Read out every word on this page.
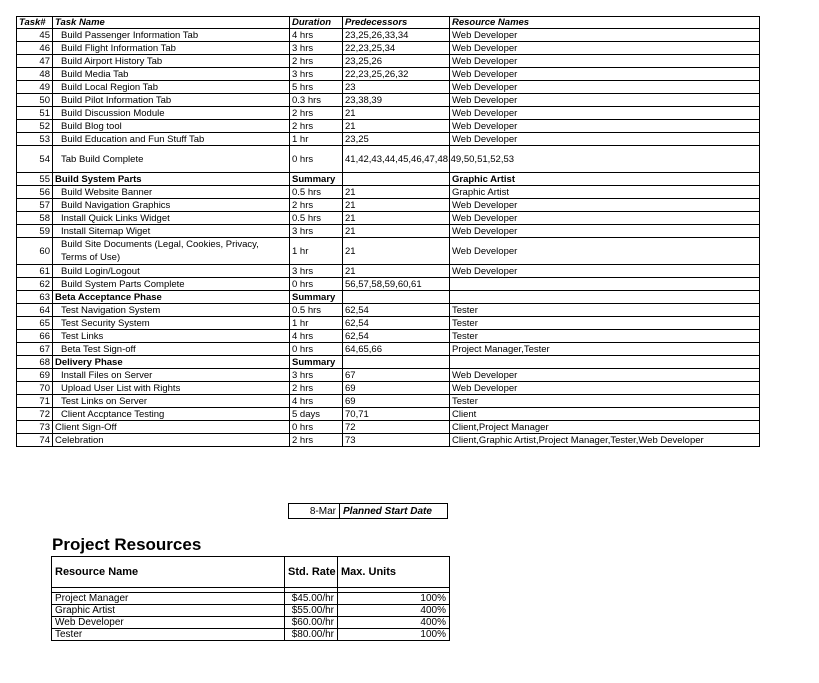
Task#	Task Name	Duration	Predecessors	Resource Names
45	Build Passenger Information Tab	4 hrs	23,25,26,33,34	Web Developer
46	Build Flight Information Tab	3 hrs	22,23,25,34	Web Developer
47	Build Airport History Tab	2 hrs	23,25,26	Web Developer
48	Build Media Tab	3 hrs	22,23,25,26,32	Web Developer
49	Build Local Region Tab	5 hrs	23	Web Developer
50	Build Pilot Information Tab	0.3 hrs	23,38,39	Web Developer
51	Build Discussion Module	2 hrs	21	Web Developer
52	Build Blog tool	2 hrs	21	Web Developer
53	Build Education and Fun Stuff Tab	1 hr	23,25	Web Developer
54	Tab Build Complete	0 hrs	41,42,43,44,45,46,47,48,49,50,51,52,53	
55	Build System Parts	Summary		Graphic Artist
56	Build Website Banner	0.5 hrs	21	Graphic Artist
57	Build Navigation Graphics	2 hrs	21	Web Developer
58	Install Quick Links Widget	0.5 hrs	21	Web Developer
59	Install Sitemap Wiget	3 hrs	21	Web Developer
60	Build Site Documents (Legal, Cookies, Privacy, Terms of Use)	1 hr	21	Web Developer
61	Build Login/Logout	3 hrs	21	Web Developer
62	Build System Parts Complete	0 hrs	56,57,58,59,60,61	
63	Beta Acceptance Phase	Summary		
64	Test Navigation System	0.5 hrs	62,54	Tester
65	Test Security System	1 hr	62,54	Tester
66	Test Links	4 hrs	62,54	Tester
67	Beta Test Sign-off	0 hrs	64,65,66	Project Manager,Tester
68	Delivery Phase	Summary		
69	Install Files on Server	3 hrs	67	Web Developer
70	Upload User List with Rights	2 hrs	69	Web Developer
71	Test Links on Server	4 hrs	69	Tester
72	Client Accptance Testing	5 days	70,71	Client
73	Client Sign-Off	0 hrs	72	Client,Project Manager
74	Celebration	2 hrs	73	Client,Graphic Artist,Project Manager,Tester,Web Developer
8-Mar	Planned Start Date
Project Resources
Resource Name	Std. Rate	Max. Units

Project Manager	$45.00/hr	100%
Graphic Artist	$55.00/hr	400%
Web Developer	$60.00/hr	400%
Tester	$80.00/hr	100%
